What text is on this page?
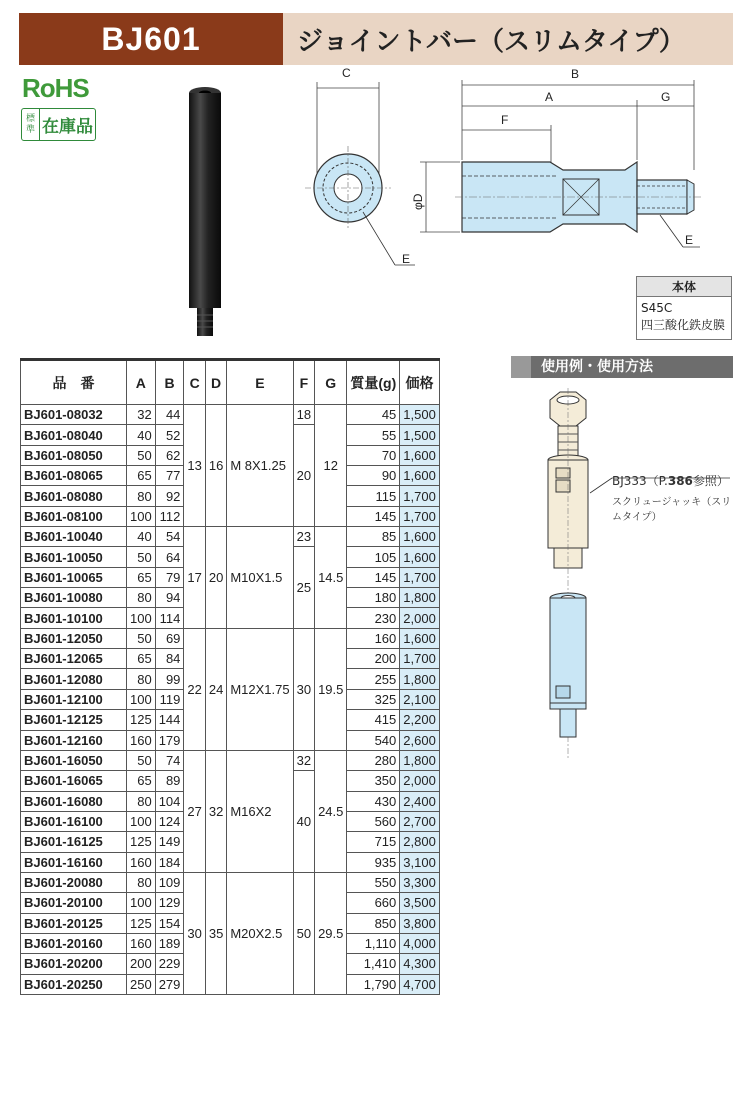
BJ601	ジョイントバー（スリムタイプ）
RoHS
標
準 在庫品
C
E
B
A	G
F
φD
E
本体
S45C
四三酸化鉄皮膜
品　番	A	B	C	D	E	F	G	質量(g)	価格
BJ601-08032	32	44	13	16	M 8X1.25	18	12	45	1,500
BJ601-08040	40	52				20		55	1,500
BJ601-08050	50	62						70	1,600
BJ601-08065	65	77						90	1,600
BJ601-08080	80	92						115	1,700
BJ601-08100	100	112						145	1,700
BJ601-10040	40	54	17	20	M10X1.5	23	14.5	85	1,600
BJ601-10050	50	64				25		105	1,600
BJ601-10065	65	79						145	1,700
BJ601-10080	80	94						180	1,800
BJ601-10100	100	114						230	2,000
BJ601-12050	50	69	22	24	M12X1.75	30	19.5	160	1,600
BJ601-12065	65	84						200	1,700
BJ601-12080	80	99						255	1,800
BJ601-12100	100	119						325	2,100
BJ601-12125	125	144						415	2,200
BJ601-12160	160	179						540	2,600
BJ601-16050	50	74	27	32	M16X2	32	24.5	280	1,800
BJ601-16065	65	89				40		350	2,000
BJ601-16080	80	104						430	2,400
BJ601-16100	100	124						560	2,700
BJ601-16125	125	149						715	2,800
BJ601-16160	160	184						935	3,100
BJ601-20080	80	109	30	35	M20X2.5	50	29.5	550	3,300
BJ601-20100	100	129						660	3,500
BJ601-20125	125	154						850	3,800
BJ601-20160	160	189						1,110	4,000
BJ601-20200	200	229						1,410	4,300
BJ601-20250	250	279						1,790	4,700
使用例・使用方法
BJ333（P.386参照）
スクリュージャッキ（スリムタイプ）
